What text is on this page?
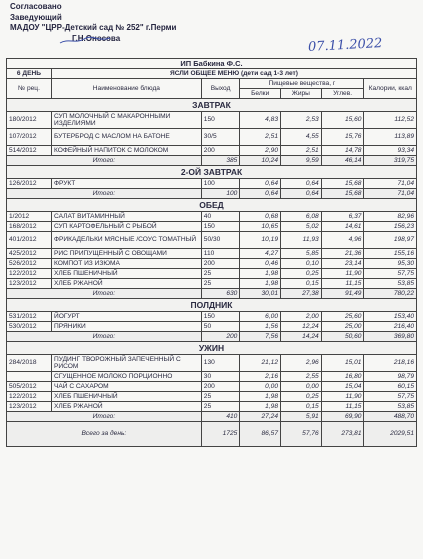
Согласовано
Заведующий
МАДОУ "ЦРР-Детский сад № 252" г.Перми
Г.Н.Оносова	07.11.2022
ИП Бабкина Ф.С.						
6 ДЕНЬ	ЯСЛИ ОБЩЕЕ МЕНЮ (дети сад 1-3 лет)					
№ рец.	Наименование блюда	Выход	Пищевые вещества, г			Калории, ккал
			Белки	Жиры	Углев.	
ЗАВТРАК						
180/2012	СУП МОЛОЧНЫЙ С МАКАРОННЫМИ ИЗДЕЛИЯМИ	150	4,83	2,53	15,60	112,52
107/2012	БУТЕРБРОД С МАСЛОМ НА БАТОНЕ	30/5	2,51	4,55	15,76	113,89
514/2012	КОФЕЙНЫЙ НАПИТОК С МОЛОКОМ	200	2,90	2,51	14,78	93,34
Итого:		385	10,24	9,59	46,14	319,75
2-ОЙ ЗАВТРАК						
126/2012	ФРУКТ	100	0,64	0,64	15,68	71,04
Итого:		100	0,64	0,64	15,68	71,04
ОБЕД						
1/2012	САЛАТ ВИТАМИННЫЙ	40	0,68	6,08	6,37	82,96
168/2012	СУП КАРТОФЕЛЬНЫЙ С РЫБОЙ	150	10,65	5,02	14,61	156,23
401/2012	ФРИКАДЕЛЬКИ МЯСНЫЕ /СОУС ТОМАТНЫЙ	50/30	10,19	11,93	4,96	198,97
425/2012	РИС ПРИПУЩЕННЫЙ С ОВОЩАМИ	110	4,27	5,85	21,36	155,16
526/2012	КОМПОТ ИЗ ИЗЮМА	200	0,46	0,10	23,14	95,30
122/2012	ХЛЕБ ПШЕНИЧНЫЙ	25	1,98	0,25	11,90	57,75
123/2012	ХЛЕБ РЖАНОЙ	25	1,98	0,15	11,15	53,85
Итого:		630	30,01	27,38	91,49	780,22
ПОЛДНИК						
531/2012	ЙОГУРТ	150	6,00	2,00	25,60	153,40
530/2012	ПРЯНИКИ	50	1,56	12,24	25,00	216,40
Итого:		200	7,56	14,24	50,60	369,80
УЖИН						
284/2018	ПУДИНГ ТВОРОЖНЫЙ ЗАПЕЧЕННЫЙ С РИСОМ	130	21,12	2,96	15,01	218,16
	СГУЩЕННОЕ МОЛОКО ПОРЦИОННО	30	2,16	2,55	16,80	98,79
505/2012	ЧАЙ С САХАРОМ	200	0,00	0,00	15,04	60,15
122/2012	ХЛЕБ ПШЕНИЧНЫЙ	25	1,98	0,25	11,90	57,75
123/2012	ХЛЕБ РЖАНОЙ	25	1,98	0,15	11,15	53,85
Итого:		410	27,24	5,91	69,90	488,70
Всего за день:		1725	86,57	57,76	273,81	2029,51
